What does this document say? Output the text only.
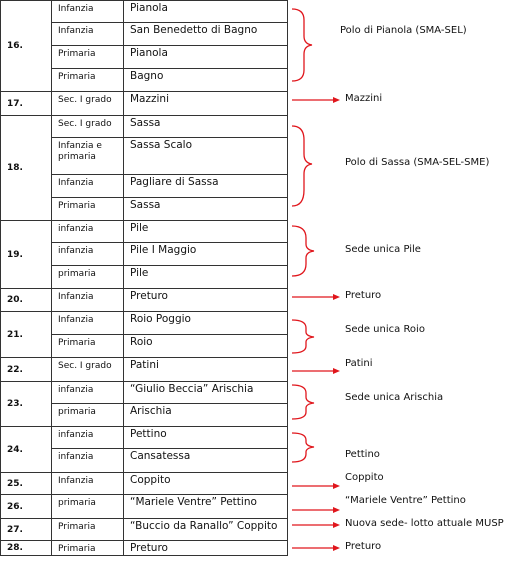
16.	Infanzia	Pianola
	Infanzia	San Benedetto di Bagno
	Primaria	Pianola
	Primaria	Bagno
17.	Sec. I grado	Mazzini
18.	Sec. I grado	Sassa
	Infanzia e primaria	Sassa Scalo
	Infanzia	Pagliare di Sassa
	Primaria	Sassa
19.	infanzia	Pile
	infanzia	Pile I Maggio
	primaria	Pile
20.	Infanzia	Preturo
21.	Infanzia	Roio Poggio
	Primaria	Roio
22.	Sec. I grado	Patini
23.	infanzia	“Giulio Beccia” Arischia
	primaria	Arischia
24.	infanzia	Pettino
	infanzia	Cansatessa
25.	Infanzia	Coppito
26.	primaria	“Mariele Ventre” Pettino
27.	Primaria	“Buccio da Ranallo” Coppito
28.	Primaria	Preturo
Polo di Pianola (SMA-SEL)
Mazzini
Polo di Sassa (SMA-SEL-SME)
Sede unica Pile
Preturo
Sede unica Roio
Patini
Sede unica Arischia
Pettino
Coppito
“Mariele Ventre” Pettino
Nuova sede- lotto attuale MUSP
Preturo
